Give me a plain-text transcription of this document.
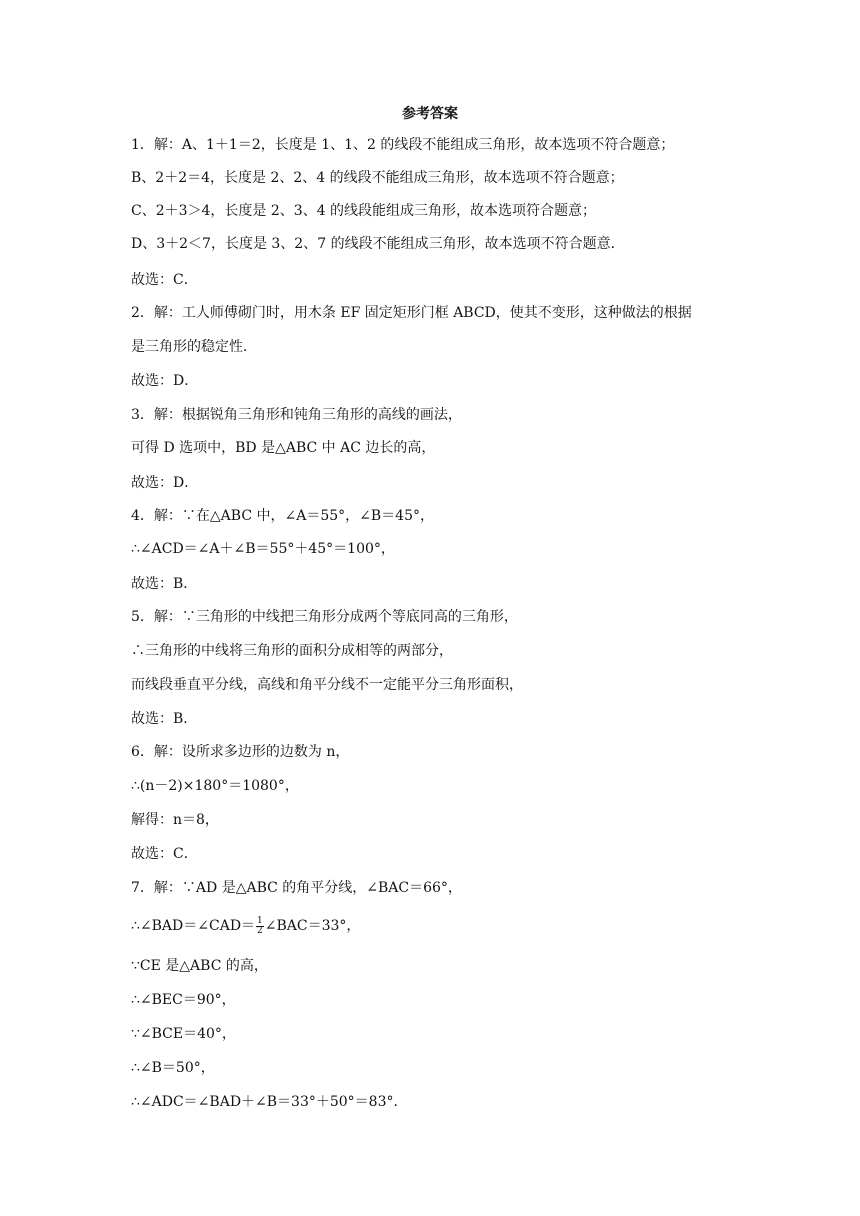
参考答案
1．解：A、1＋1＝2，长度是 1、1、2 的线段不能组成三角形，故本选项不符合题意；
B、2＋2＝4，长度是 2、2、4 的线段不能组成三角形，故本选项不符合题意；
C、2＋3＞4，长度是 2、3、4 的线段能组成三角形，故本选项符合题意；
D、3＋2＜7，长度是 3、2、7 的线段不能组成三角形，故本选项不符合题意．
故选：C．
2．解：工人师傅砌门时，用木条 EF 固定矩形门框 ABCD，使其不变形，这种做法的根据
是三角形的稳定性．
故选：D．
3．解：根据锐角三角形和钝角三角形的高线的画法，
可得 D 选项中，BD 是△ABC 中 AC 边长的高，
故选：D．
4．解：∵在△ABC 中，∠A＝55°，∠B＝45°，
∴∠ACD＝∠A＋∠B＝55°＋45°＝100°，
故选：B．
5．解：∵三角形的中线把三角形分成两个等底同高的三角形，
∴三角形的中线将三角形的面积分成相等的两部分，
而线段垂直平分线，高线和角平分线不一定能平分三角形面积，
故选：B．
6．解：设所求多边形的边数为 n，
∴(n－2)×180°＝1080°，
解得：n＝8，
故选：C．
7．解：∵AD 是△ABC 的角平分线，∠BAC＝66°，
∴∠BAD＝∠CAD＝ $\frac{1}{2}$ ∠BAC＝33°，
∵CE 是△ABC 的高，
∴∠BEC＝90°，
∵∠BCE＝40°，
∴∠B＝50°，
∴∠ADC＝∠BAD＋∠B＝33°＋50°＝83°．
